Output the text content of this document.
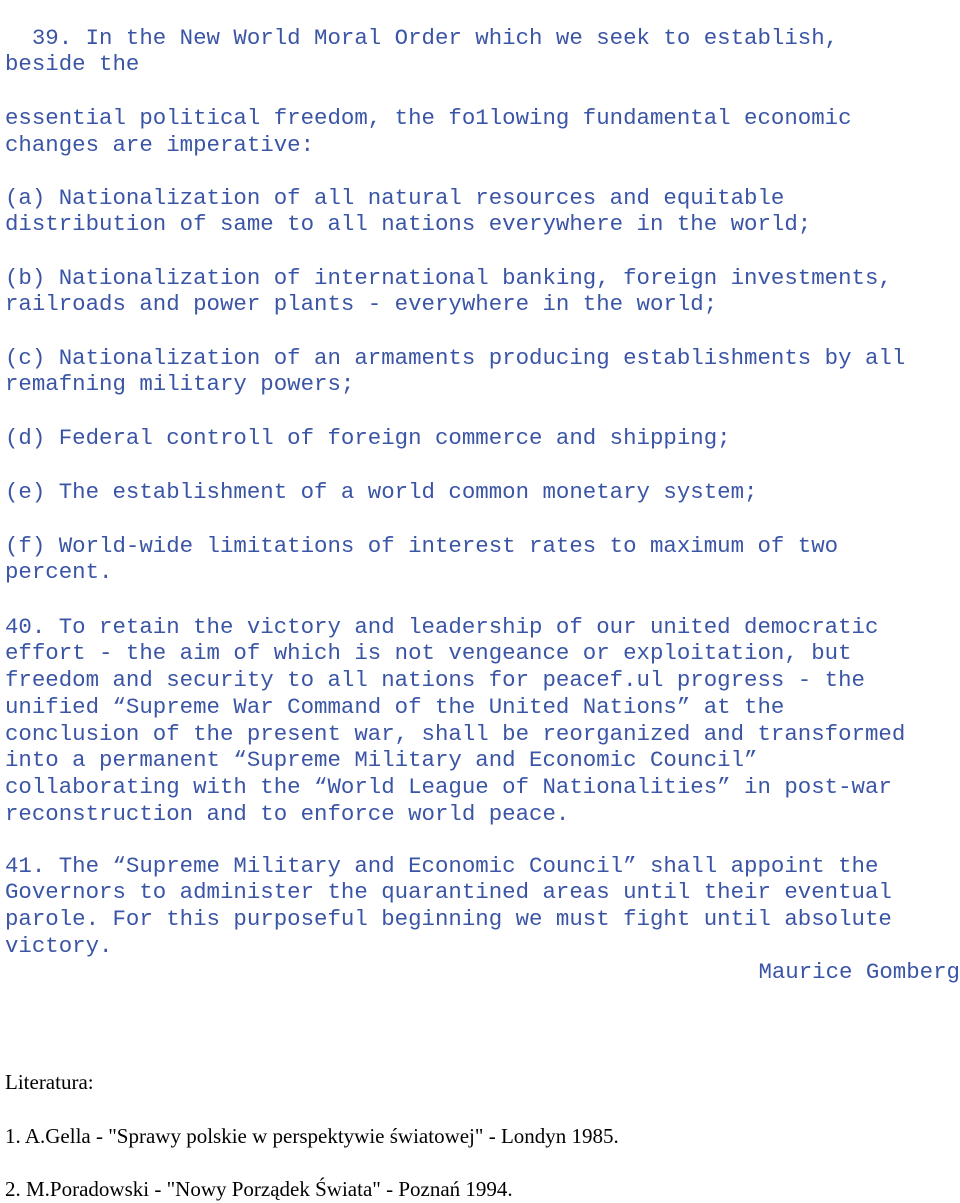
39. In the New World Moral Order which we seek to establish,
beside the

essential political freedom, the fo1lowing fundamental economic
changes are imperative:

(a) Nationalization of all natural resources and equitable
distribution of same to all nations everywhere in the world;

(b) Nationalization of international banking, foreign investments,
railroads and power plants - everywhere in the world;

(c) Nationalization of an armaments producing establishments by all
remafning military powers;

(d) Federal controll of foreign commerce and shipping;

(e) The establishment of a world common monetary system;

(f) World-wide limitations of interest rates to maximum of two
percent.

40. To retain the victory and leadership of our united democratic
effort - the aim of which is not vengeance or exploitation, but
freedom and security to all nations for peacef.ul progress - the
unified “Supreme War Command of the United Nations” at the
conclusion of the present war, shall be reorganized and transformed
into a permanent “Supreme Military and Economic Council”
collaborating with the “World League of Nationalities” in post-war
reconstruction and to enforce world peace.

41. The “Supreme Military and Economic Council” shall appoint the
Governors to administer the quarantined areas until their eventual
parole. For this purposeful beginning we must fight until absolute
victory.

Maurice Gomberg
Literatura:
1. A.Gella - "Sprawy polskie w perspektywie światowej" - Londyn 1985.
2. M.Poradowski - "Nowy Porządek Świata" - Poznań 1994.
